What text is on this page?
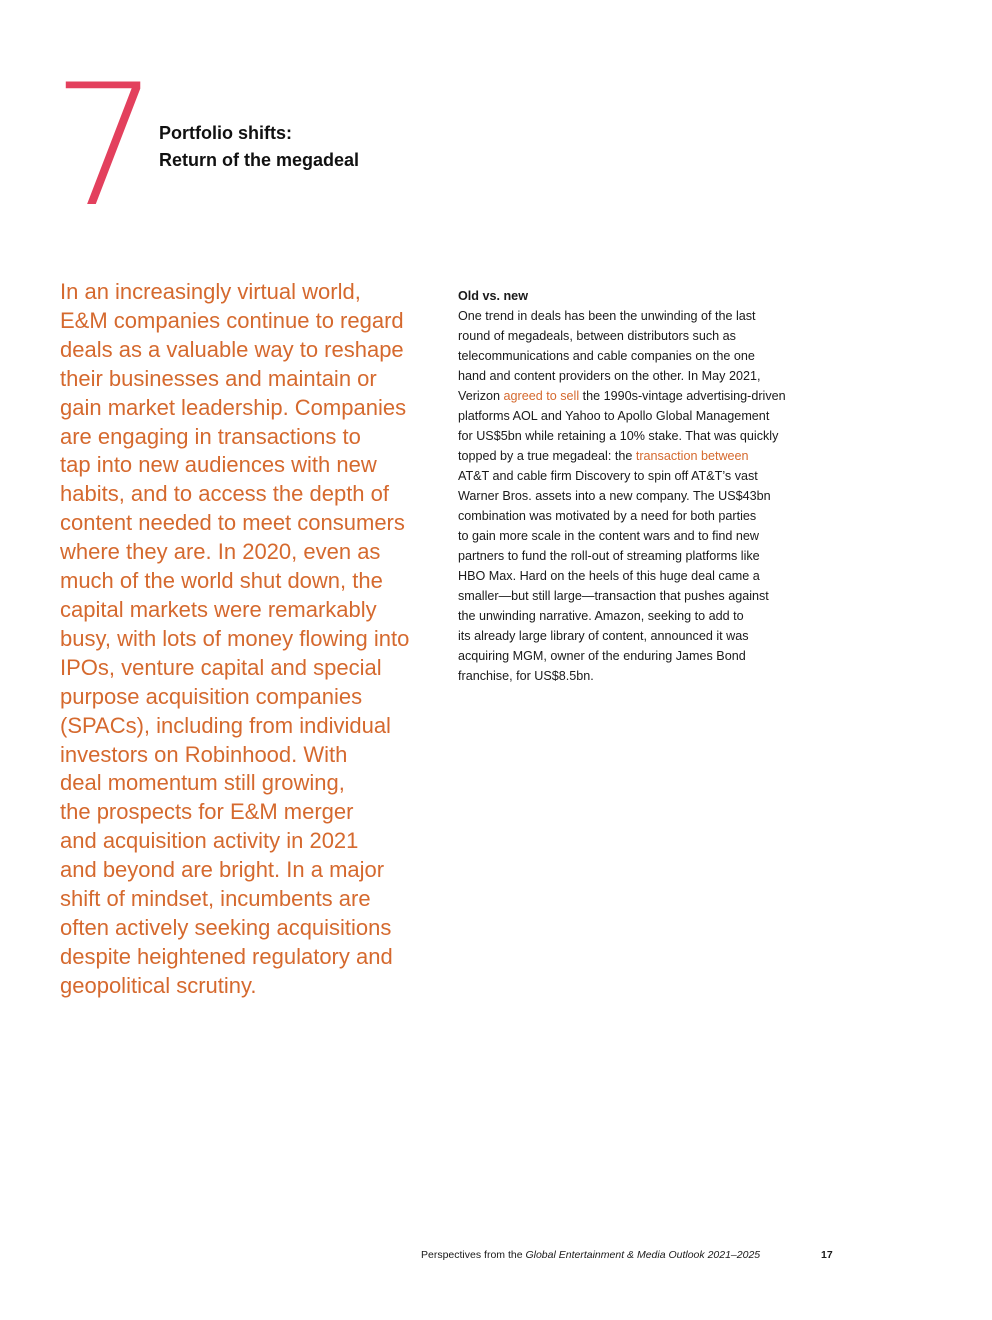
7 Portfolio shifts:
Return of the megadeal
In an increasingly virtual world,
E&M companies continue to regard
deals as a valuable way to reshape
their businesses and maintain or
gain market leadership. Companies
are engaging in transactions to
tap into new audiences with new
habits, and to access the depth of
content needed to meet consumers
where they are. In 2020, even as
much of the world shut down, the
capital markets were remarkably
busy, with lots of money flowing into
IPOs, venture capital and special
purpose acquisition companies
(SPACs), including from individual
investors on Robinhood. With
deal momentum still growing,
the prospects for E&M merger
and acquisition activity in 2021
and beyond are bright. In a major
shift of mindset, incumbents are
often actively seeking acquisitions
despite heightened regulatory and
geopolitical scrutiny.
Old vs. new
One trend in deals has been the unwinding of the last
round of megadeals, between distributors such as
telecommunications and cable companies on the one
hand and content providers on the other. In May 2021,
Verizon agreed to sell the 1990s-vintage advertising-driven
platforms AOL and Yahoo to Apollo Global Management
for US$5bn while retaining a 10% stake. That was quickly
topped by a true megadeal: the transaction between
AT&T and cable firm Discovery to spin off AT&T’s vast
Warner Bros. assets into a new company. The US$43bn
combination was motivated by a need for both parties
to gain more scale in the content wars and to find new
partners to fund the roll-out of streaming platforms like
HBO Max. Hard on the heels of this huge deal came a
smaller—but still large—transaction that pushes against
the unwinding narrative. Amazon, seeking to add to
its already large library of content, announced it was
acquiring MGM, owner of the enduring James Bond
franchise, for US$8.5bn.
Perspectives from the Global Entertainment & Media Outlook 2021–2025	17
